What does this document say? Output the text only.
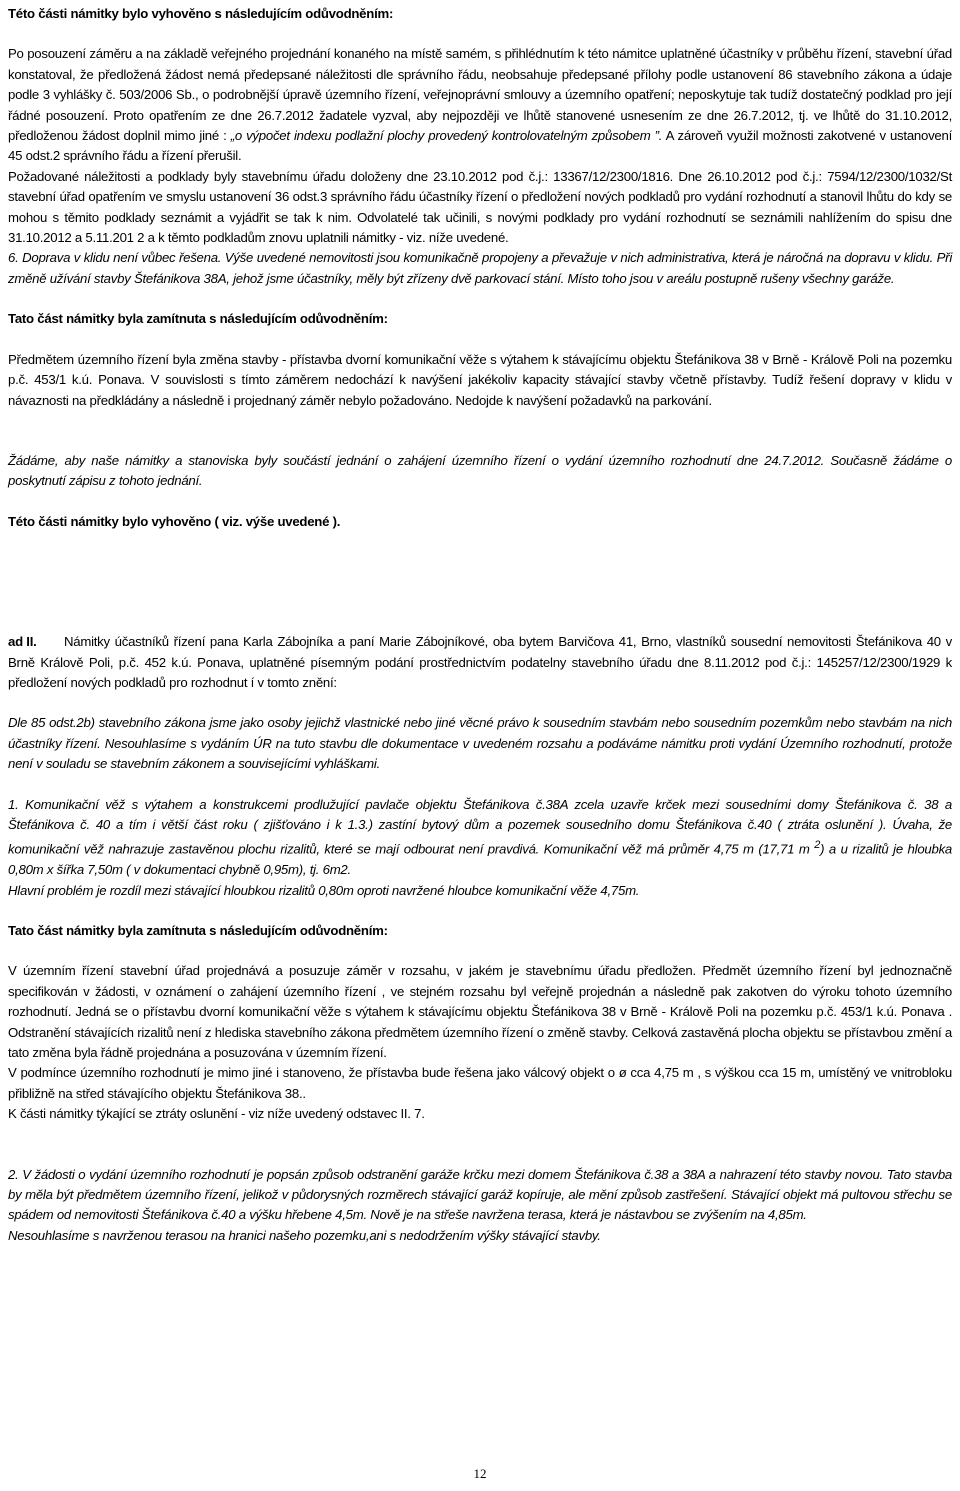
Této části námitky bylo vyhověno s následujícím odůvodněním:

Po posouzení záměru a na základě veřejného projednání konaného na místě samém, s přihlédnutím k této námitce uplatněné účastníky v průběhu řízení, stavební úřad konstatoval, že předložená žádost nemá předepsané náležitosti dle správního řádu, neobsahuje předepsané přílohy podle ustanovení 86 stavebního zákona a údaje podle 3 vyhlášky č. 503/2006 Sb., o podrobnější úpravě územního řízení, veřejnoprávní smlouvy a územního opatření; neposkytuje tak tudíž dostatečný podklad pro její řádné posouzení. Proto opatřením ze dne 26.7.2012 žadatele vyzval, aby nejpozději ve lhůtě stanovené usnesením ze dne 26.7.2012, tj. ve lhůtě do 31.10.2012, předloženou žádost doplnil mimo jiné : „o výpočet indexu podlažní plochy provedený kontrolovatelným způsobem ”. A zároveň využil možnosti zakotvené v ustanovení 45 odst.2 správního řádu a řízení přerušil.

Požadované náležitosti a podklady byly stavebnímu úřadu doloženy dne 23.10.2012 pod č.j.: 13367/12/2300/1816. Dne 26.10.2012 pod č.j.: 7594/12/2300/1032/St stavební úřad opatřením ve smyslu ustanovení 36 odst.3 správního řádu účastníky řízení o předložení nových podkladů pro vydání rozhodnutí a stanovil lhůtu do kdy se mohou s těmito podklady seznámit a vyjádřit se tak k nim. Odvolatelé tak učinili, s novými podklady pro vydání rozhodnutí se seznámili nahlížením do spisu dne 31.10.2012 a 5.11.201 2 a k těmto podkladům znovu uplatnili námitky - viz. níže uvedené.

6. Doprava v klidu není vůbec řešena. Výše uvedené nemovitosti jsou komunikačně propojeny a převažuje v nich administrativa, která je náročná na dopravu v klidu. Při změně užívání stavby Štefánikova 38A, jehož jsme účastníky, měly být zřízeny dvě parkovací stání. Místo toho jsou v areálu postupně rušeny všechny garáže.

Tato část námitky byla zamítnuta s následujícím odůvodněním:

Předmětem územního řízení byla změna stavby - přístavba dvorní komunikační věže s výtahem k stávajícímu objektu Štefánikova 38 v Brně - Králově Poli na pozemku p.č. 453/1 k.ú. Ponava. V souvislosti s tímto záměrem nedochází k navýšení jakékoliv kapacity stávající stavby včetně přístavby. Tudíž řešení dopravy v klidu v návaznosti na předkládány a následně i projednaný záměr nebylo požadováno. Nedojde k navýšení požadavků na parkování.

Žádáme, aby naše námitky a stanoviska byly součástí jednání o zahájení územního řízení o vydání územního rozhodnutí dne 24.7.2012. Současně žádáme o poskytnutí zápisu z tohoto jednání.

Této části námitky bylo vyhověno ( viz. výše uvedené ).

ad II. Námitky účastníků řízení pana Karla Zábojníka a paní Marie Zábojníkové, oba bytem Barvičova 41, Brno, vlastníků sousední nemovitosti Štefánikova 40 v Brně Králově Poli, p.č. 452 k.ú. Ponava, uplatněné písemným podání prostřednictvím podatelny stavebního úřadu dne 8.11.2012 pod č.j.: 145257/12/2300/1929 k předložení nových podkladů pro rozhodnut í v tomto znění:

Dle 85 odst.2b) stavebního zákona jsme jako osoby jejichž vlastnické nebo jiné věcné právo k sousedním stavbám nebo sousedním pozemkům nebo stavbám na nich účastníky řízení. Nesouhlasíme s vydáním ÚR na tuto stavbu dle dokumentace v uvedeném rozsahu a podáváme námitku proti vydání Územního rozhodnutí, protože není v souladu se stavebním zákonem a souvisejícími vyhláškami.

1. Komunikační věž s výtahem a konstrukcemi prodlužující pavlače objektu Štefánikova č.38A zcela uzavře krček mezi sousedními domy Štefánikova č. 38 a Štefánikova č. 40 a tím i větší část roku ( zjišťováno i k 1.3.) zastíní bytový dům a pozemek sousedního domu Štefánikova č.40 ( ztráta oslunění ). Úvaha, že komunikační věž nahrazuje zastavěnou plochu rizalitů, které se mají odbourat není pravdivá. Komunikační věž má průměr 4,75 m (17,71 m $^2$) a u rizalitů je hloubka 0,80m x šířka 7,50m ( v dokumentaci chybně 0,95m), tj. 6m2.

Hlavní problém je rozdíl mezi stávající hloubkou rizalitů 0,80m oproti navržené hloubce komunikační věže 4,75m.

Tato část námitky byla zamítnuta s následujícím odůvodněním:

V územním řízení stavební úřad projednává a posuzuje záměr v rozsahu, v jakém je stavebnímu úřadu předložen. Předmět územního řízení byl jednoznačně specifikován v žádosti, v oznámení o zahájení územního řízení , ve stejném rozsahu byl veřejně projednán a následně pak zakotven do výroku tohoto územního rozhodnutí. Jedná se o přístavbu dvorní komunikační věže s výtahem k stávajícímu objektu Štefánikova 38 v Brně - Králově Poli na pozemku p.č. 453/1 k.ú. Ponava . Odstranění stávajících rizalitů není z hlediska stavebního zákona předmětem územního řízení o změně stavby. Celková zastavěná plocha objektu se přístavbou změní a tato změna byla řádně projednána a posuzována v územním řízení.

V podmínce územního rozhodnutí je mimo jiné i stanoveno, že přístavba bude řešena jako válcový objekt o ø cca 4,75 m , s výškou cca 15 m, umístěný ve vnitrobloku přibližně na střed stávajícího objektu Štefánikova 38..

K části námitky týkající se ztráty oslunění - viz níže uvedený odstavec II. 7.

2. V žádosti o vydání územního rozhodnutí je popsán způsob odstranění garáže krčku mezi domem Štefánikova č.38 a 38A a nahrazení této stavby novou. Tato stavba by měla být předmětem územního řízení, jelikož v půdorysných rozměrech stávající garáž kopíruje, ale mění způsob zastřešení. Stávající objekt má pultovou střechu se spádem od nemovitosti Štefánikova č.40 a výšku hřebene 4,5m. Nově je na střeše navržena terasa, která je nástavbou se zvýšením na 4,85m.

Nesouhlasíme s navrženou terasou na hranici našeho pozemku,ani s nedodržením výšky stávající stavby.

12
